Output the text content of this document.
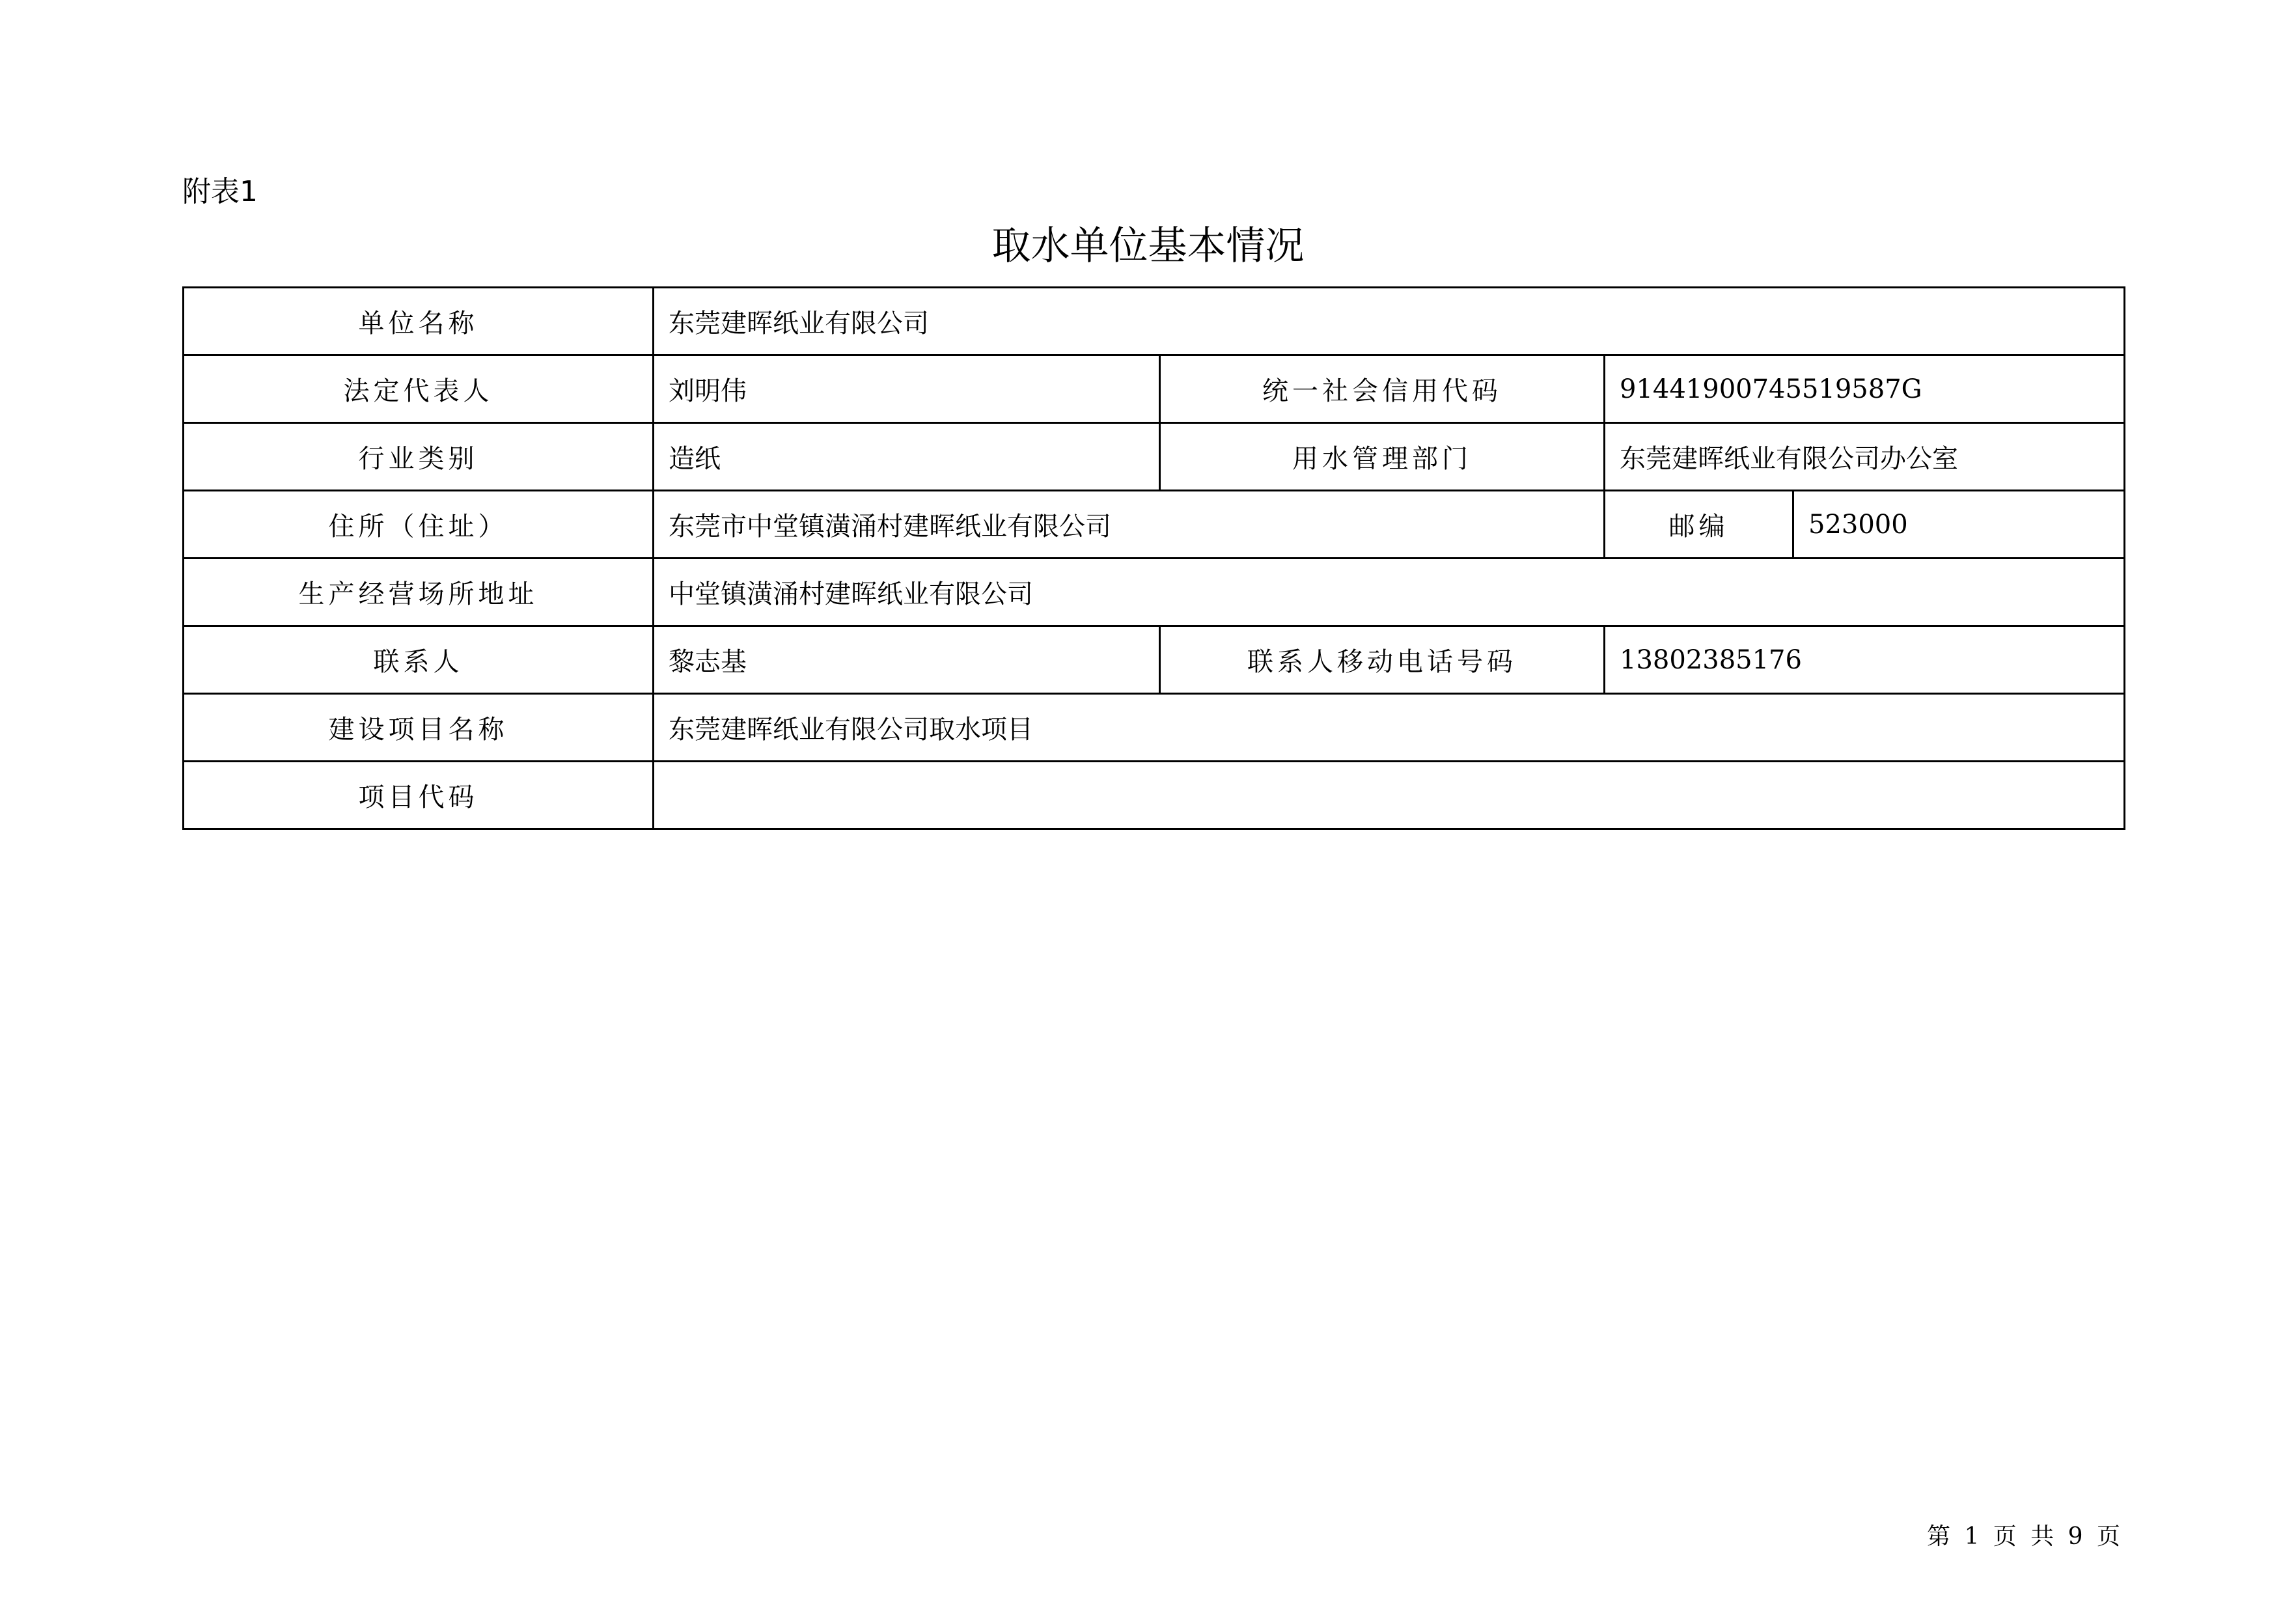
附表1
取水单位基本情况
单位名称	东莞建晖纸业有限公司			
法定代表人	刘明伟	统一社会信用代码	91441900745519587G	
行业类别	造纸	用水管理部门	东莞建晖纸业有限公司办公室	
住所（住址）	东莞市中堂镇潢涌村建晖纸业有限公司		邮编	523000
生产经营场所地址	中堂镇潢涌村建晖纸业有限公司			
联系人	黎志基	联系人移动电话号码	13802385176	
建设项目名称	东莞建晖纸业有限公司取水项目			
项目代码				
第 1 页 共 9 页
